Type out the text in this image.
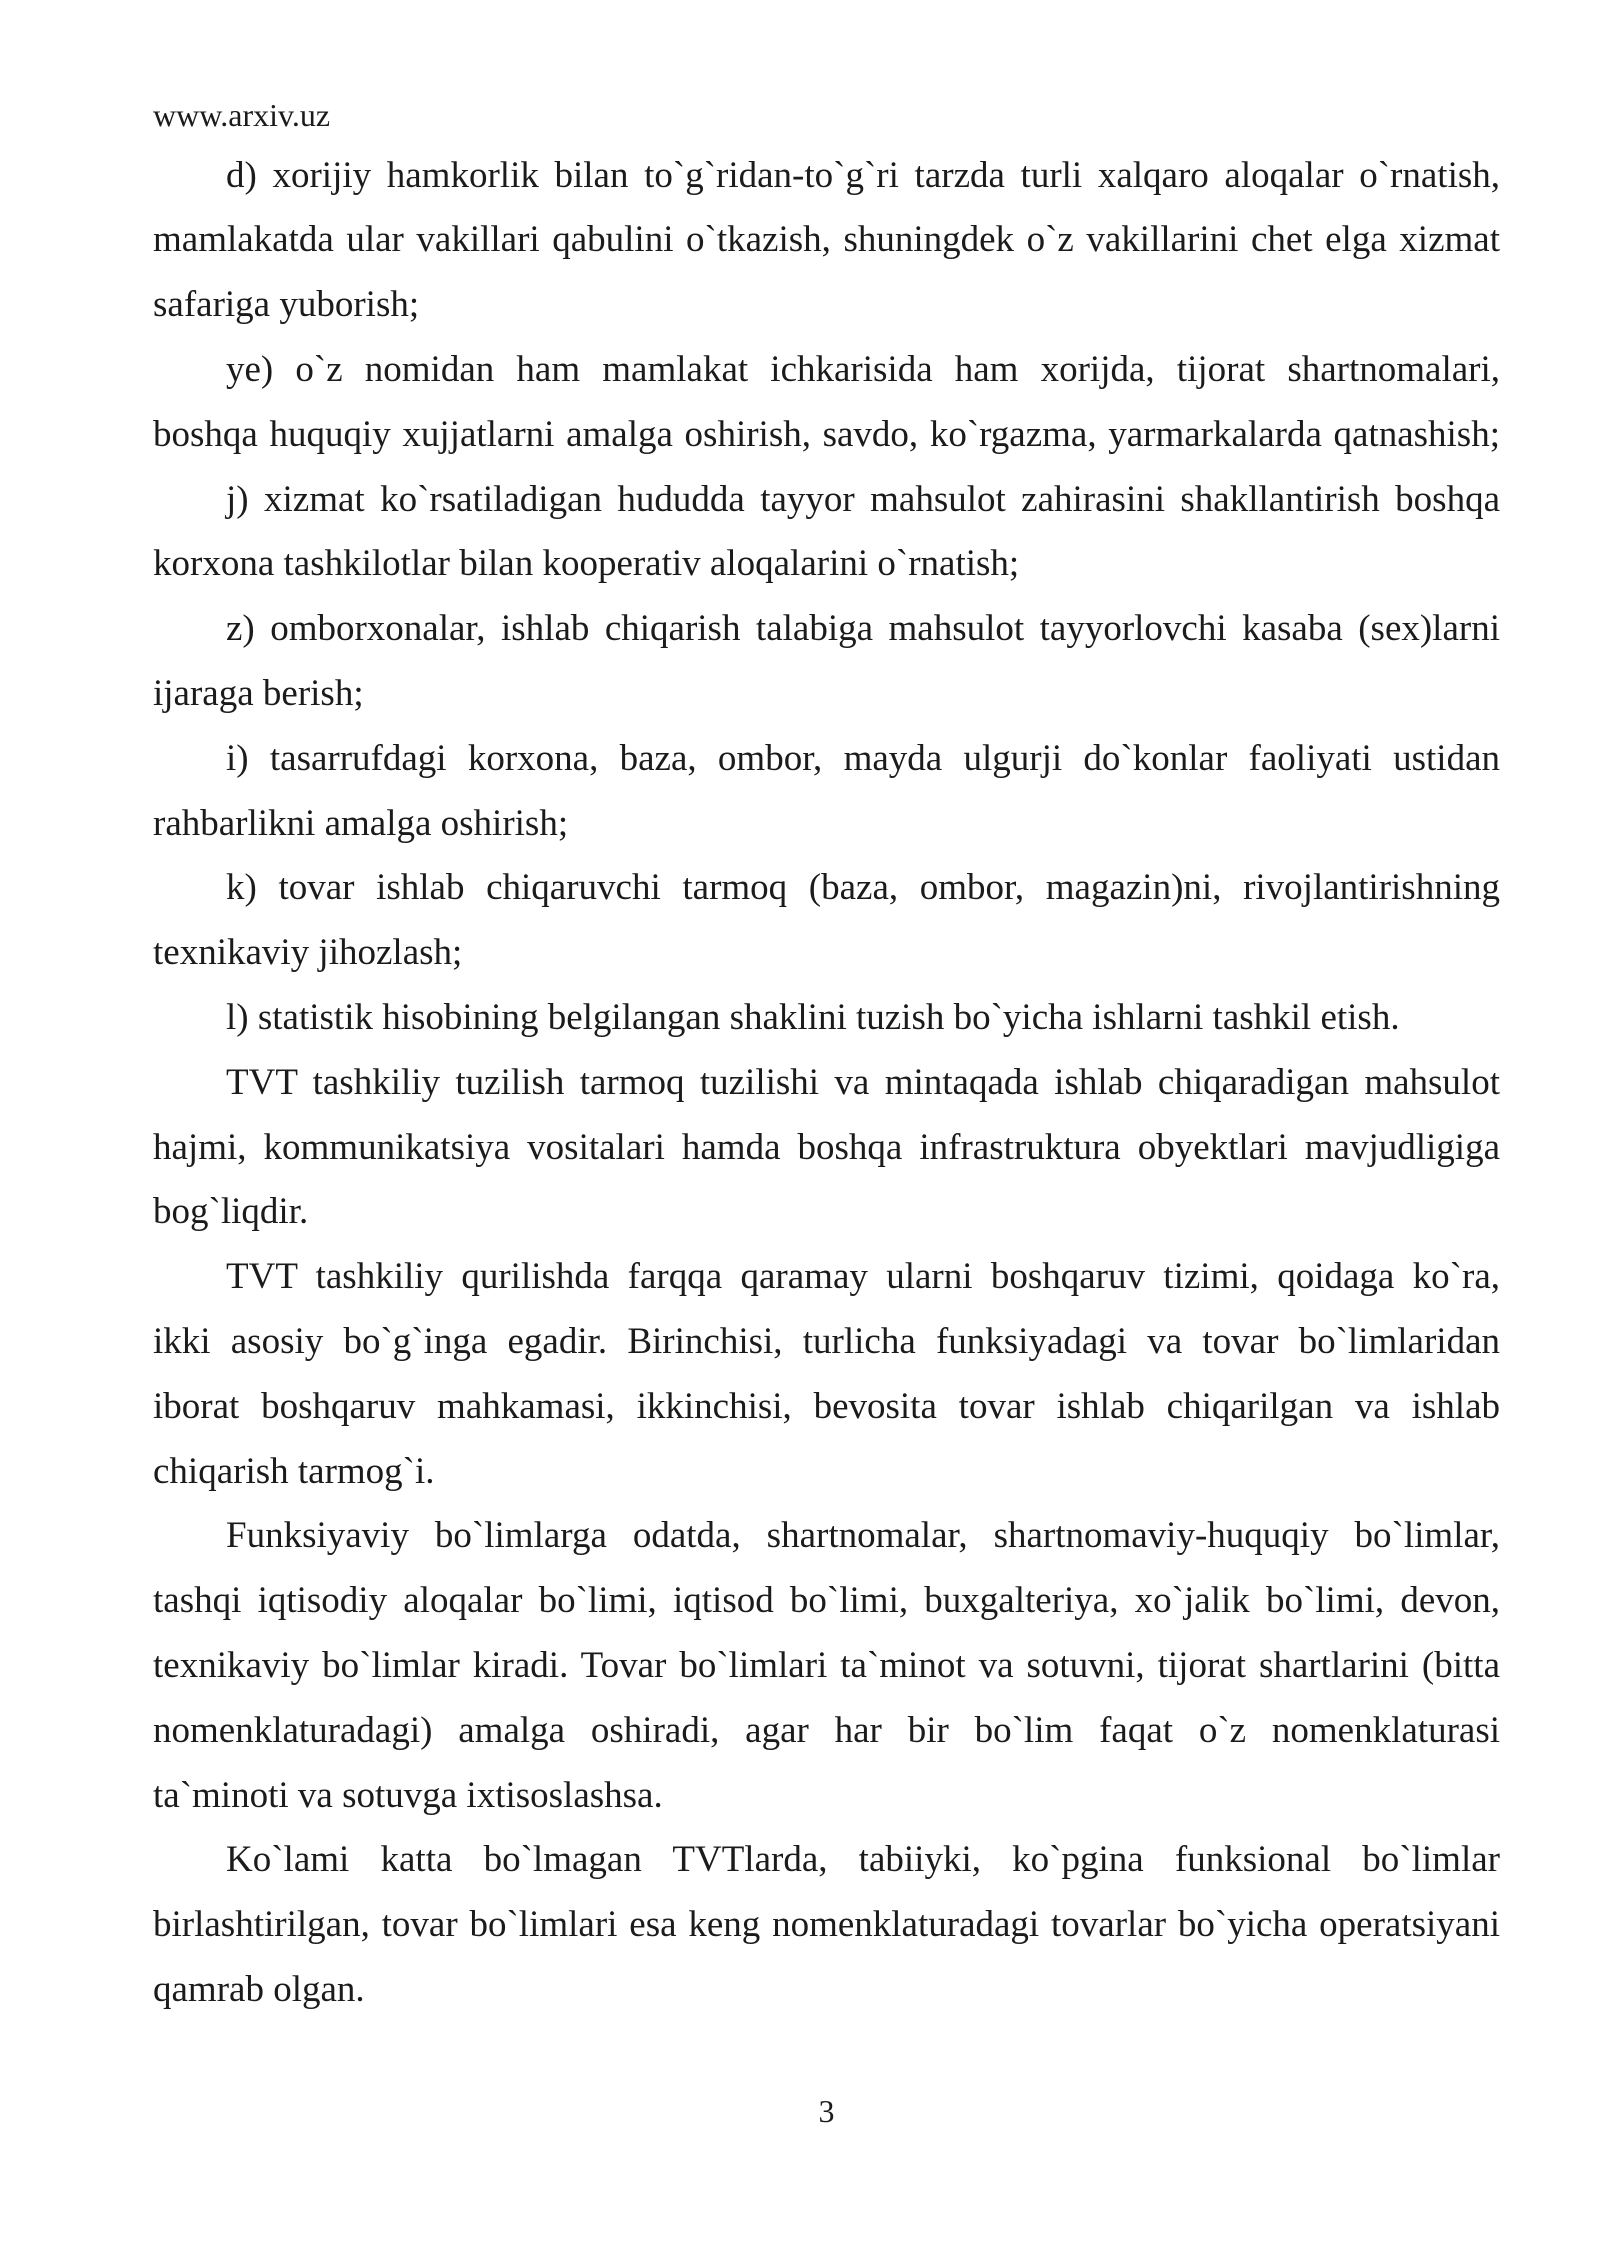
www.arxiv.uz
d) xorijiy hamkorlik bilan to`g`ridan-to`g`ri tarzda turli xalqaro aloqalar o`rnatish,
mamlakatda ular vakillari qabulini o`tkazish, shuningdek o`z vakillarini chet elga xizmat
safariga yuborish;
ye) o`z nomidan ham mamlakat ichkarisida ham xorijda, tijorat shartnomalari,
boshqa huquqiy xujjatlarni amalga oshirish, savdo, ko`rgazma, yarmarkalarda qatnashish;
j) xizmat ko`rsatiladigan hududda tayyor mahsulot zahirasini shakllantirish boshqa
korxona tashkilotlar bilan kooperativ aloqalarini o`rnatish;
z) omborxonalar, ishlab chiqarish talabiga mahsulot tayyorlovchi kasaba (sex)larni
ijaraga berish;
i) tasarrufdagi korxona, baza, ombor, mayda ulgurji do`konlar faoliyati ustidan
rahbarlikni amalga oshirish;
k) tovar ishlab chiqaruvchi tarmoq (baza, ombor, magazin)ni, rivojlantirishning
texnikaviy jihozlash;
l) statistik hisobining belgilangan shaklini tuzish bo`yicha ishlarni tashkil etish.
TVT tashkiliy tuzilish tarmoq tuzilishi va mintaqada ishlab chiqaradigan mahsulot
hajmi, kommunikatsiya vositalari hamda boshqa infrastruktura obyektlari mavjudligiga
bog`liqdir.
TVT tashkiliy qurilishda farqqa qaramay ularni boshqaruv tizimi, qoidaga ko`ra,
ikki asosiy bo`g`inga egadir. Birinchisi, turlicha funksiyadagi va tovar bo`limlaridan
iborat boshqaruv mahkamasi, ikkinchisi, bevosita tovar ishlab chiqarilgan va ishlab
chiqarish tarmog`i.
Funksiyaviy bo`limlarga odatda, shartnomalar, shartnomaviy-huquqiy bo`limlar,
tashqi iqtisodiy aloqalar bo`limi, iqtisod bo`limi, buxgalteriya, xo`jalik bo`limi, devon,
texnikaviy bo`limlar kiradi. Tovar bo`limlari ta`minot va sotuvni, tijorat shartlarini (bitta
nomenklaturadagi) amalga oshiradi, agar har bir bo`lim faqat o`z nomenklaturasi
ta`minoti va sotuvga ixtisoslashsa.
Ko`lami katta bo`lmagan TVTlarda, tabiiyki, ko`pgina funksional bo`limlar
birlashtirilgan, tovar bo`limlari esa keng nomenklaturadagi tovarlar bo`yicha operatsiyani
qamrab olgan.
3
